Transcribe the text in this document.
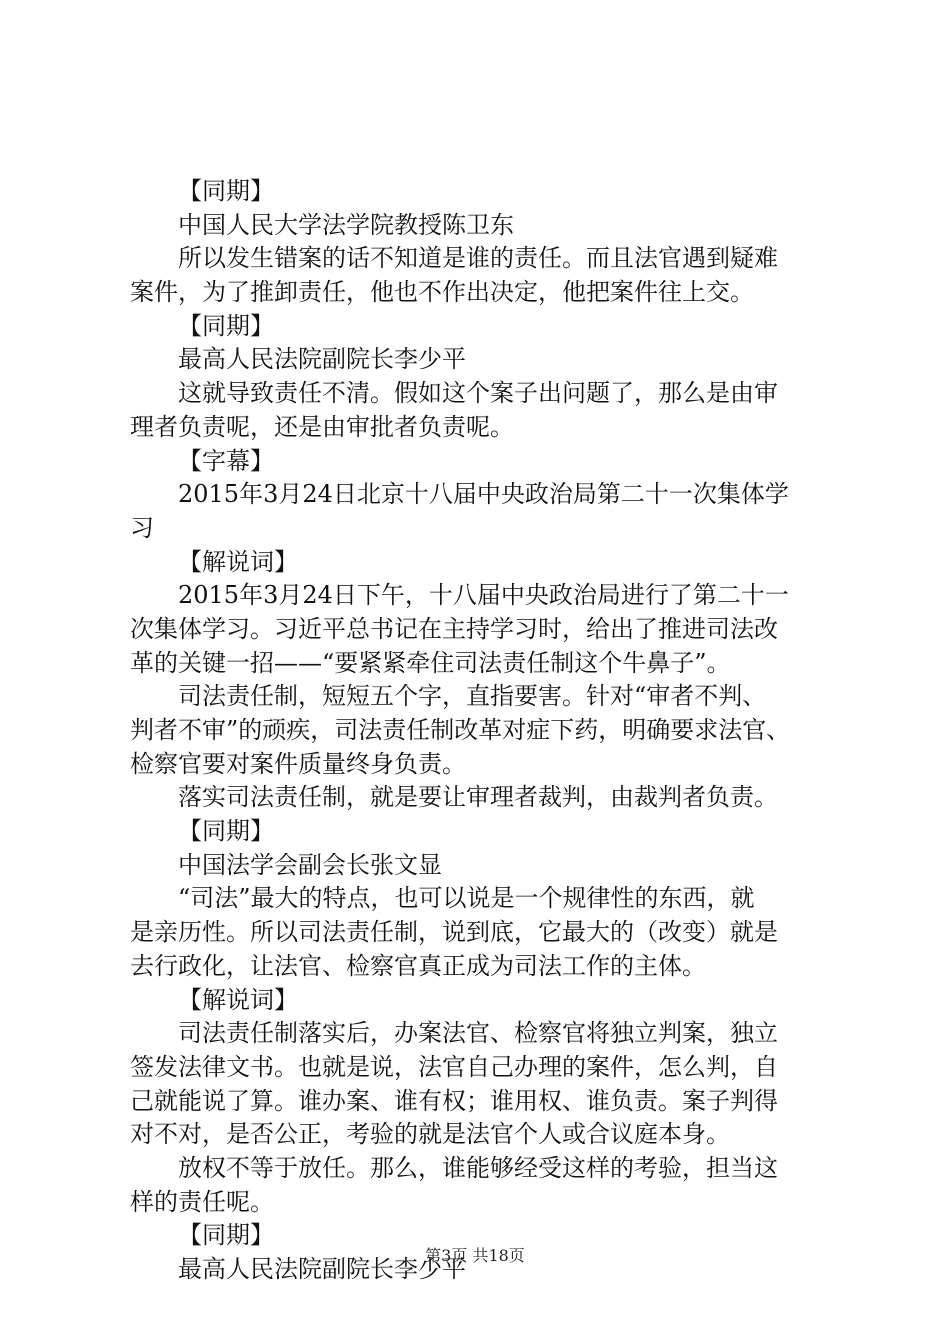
【同期】
中国人民大学法学院教授陈卫东
所以发生错案的话不知道是谁的责任。而且法官遇到疑难
案件，为了推卸责任，他也不作出决定，他把案件往上交。
【同期】
最高人民法院副院长李少平
这就导致责任不清。假如这个案子出问题了，那么是由审
理者负责呢，还是由审批者负责呢。
【字幕】
2015年3月24日北京十八届中央政治局第二十一次集体学
习
【解说词】
2015年3月24日下午，十八届中央政治局进行了第二十一
次集体学习。习近平总书记在主持学习时，给出了推进司法改
革的关键一招——“要紧紧牵住司法责任制这个牛鼻子”。
司法责任制，短短五个字，直指要害。针对“审者不判、
判者不审”的顽疾，司法责任制改革对症下药，明确要求法官、
检察官要对案件质量终身负责。
落实司法责任制，就是要让审理者裁判，由裁判者负责。
【同期】
中国法学会副会长张文显
“司法”最大的特点，也可以说是一个规律性的东西，就
是亲历性。所以司法责任制，说到底，它最大的（改变）就是
去行政化，让法官、检察官真正成为司法工作的主体。
【解说词】
司法责任制落实后，办案法官、检察官将独立判案，独立
签发法律文书。也就是说，法官自己办理的案件，怎么判，自
己就能说了算。谁办案、谁有权；谁用权、谁负责。案子判得
对不对，是否公正，考验的就是法官个人或合议庭本身。
放权不等于放任。那么，谁能够经受这样的考验，担当这
样的责任呢。
【同期】
最高人民法院副院长李少平
第3页 共18页
